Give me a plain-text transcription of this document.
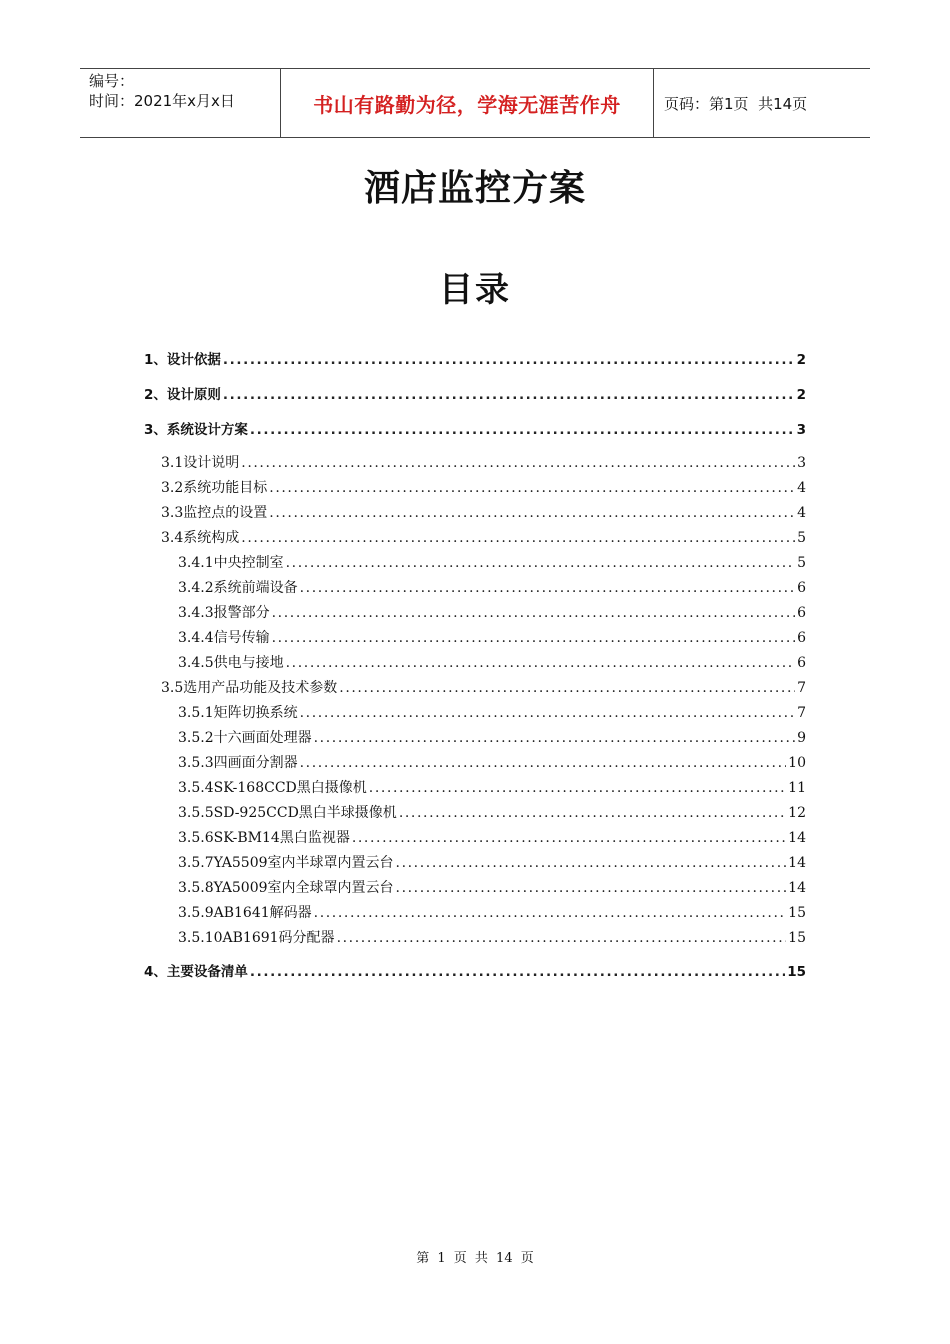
编号：
时间：2021年x月x日	书山有路勤为径，学海无涯苦作舟	页码：第1页  共14页
酒店监控方案
目录
1、设计依据 .....	2
2、设计原则 .....	2
3、系统设计方案 .....	3
3.1设计说明 .....	3
3.2系统功能目标 .....	4
3.3监控点的设置 .....	4
3.4系统构成 .....	5
3.4.1中央控制室 .....	5
3.4.2系统前端设备 .....	6
3.4.3报警部分 .....	6
3.4.4信号传输 .....	6
3.4.5供电与接地 .....	6
3.5选用产品功能及技术参数 .....	7
3.5.1矩阵切换系统 .....	7
3.5.2十六画面处理器 .....	9
3.5.3四画面分割器 .....	10
3.5.4SK-168CCD黑白摄像机 .....	11
3.5.5SD-925CCD黑白半球摄像机 .....	12
3.5.6SK-BM14黑白监视器 .....	14
3.5.7YA5509室内半球罩内置云台 .....	14
3.5.8YA5009室内全球罩内置云台 .....	14
3.5.9AB1641解码器 .....	15
3.5.10AB1691码分配器 .....	15
4、主要设备清单 .....	15
第 1 页 共 14 页
